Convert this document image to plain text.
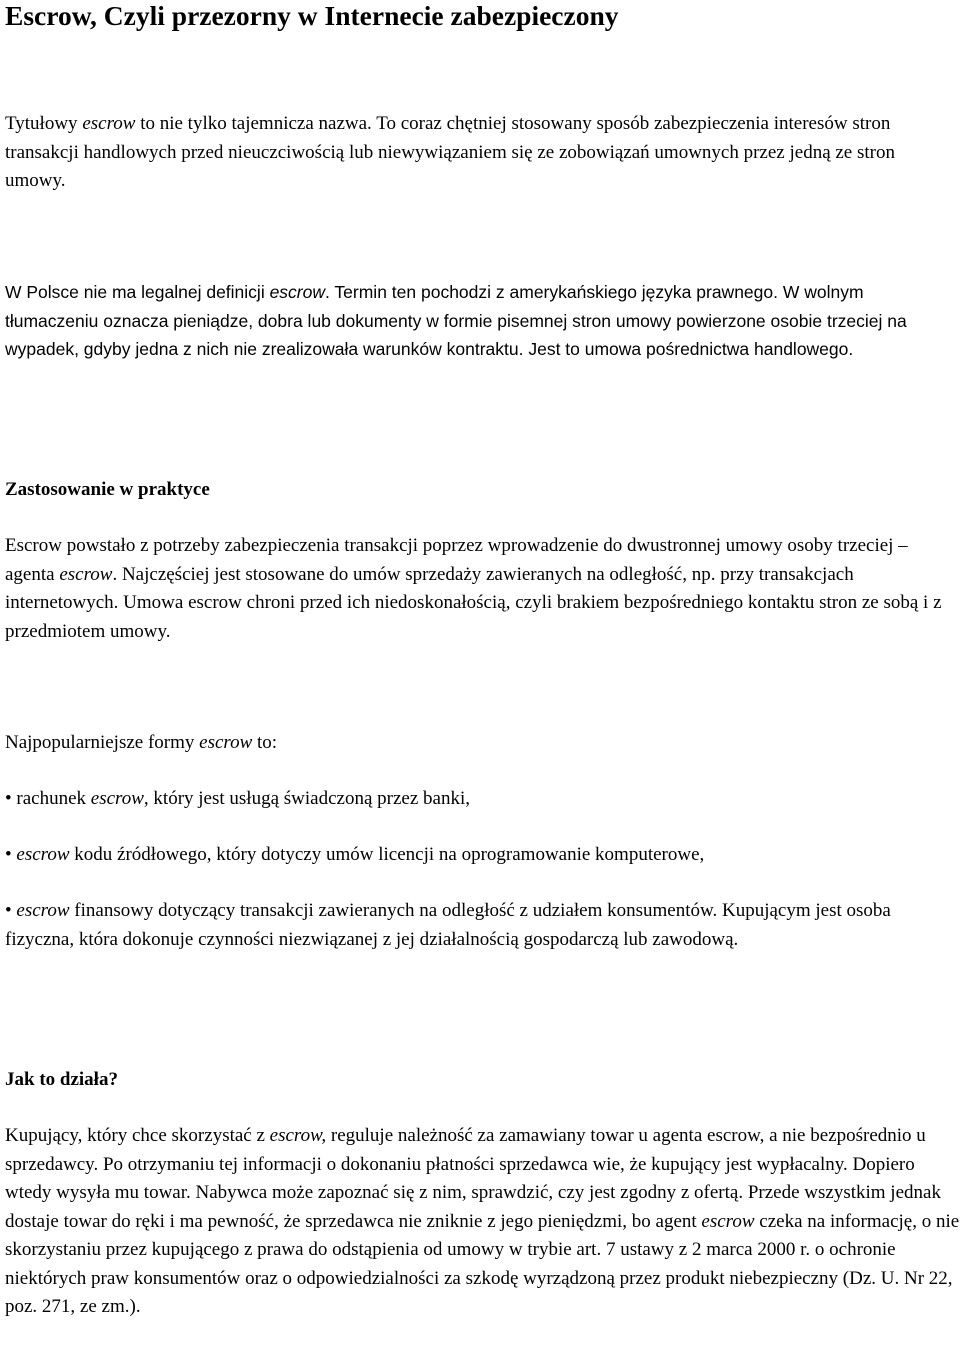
Escrow, Czyli przezorny w Internecie zabezpieczony

Tytułowy escrow to nie tylko tajemnicza nazwa. To coraz chętniej stosowany sposób zabezpieczenia interesów stron transakcji handlowych przed nieuczciwością lub niewywiązaniem się ze zobowiązań umownych przez jedną ze stron umowy.

W Polsce nie ma legalnej definicji escrow. Termin ten pochodzi z amerykańskiego języka prawnego. W wolnym tłumaczeniu oznacza pieniądze, dobra lub dokumenty w formie pisemnej stron umowy powierzone osobie trzeciej na wypadek, gdyby jedna z nich nie zrealizowała warunków kontraktu. Jest to umowa pośrednictwa handlowego.

Zastosowanie w praktyce

Escrow powstało z potrzeby zabezpieczenia transakcji poprzez wprowadzenie do dwustronnej umowy osoby trzeciej – agenta escrow. Najczęściej jest stosowane do umów sprzedaży zawieranych na odległość, np. przy transakcjach internetowych. Umowa escrow chroni przed ich niedoskonałością, czyli brakiem bezpośredniego kontaktu stron ze sobą i z przedmiotem umowy.

Najpopularniejsze formy escrow to:

• rachunek escrow, który jest usługą świadczoną przez banki,

• escrow kodu źródłowego, który dotyczy umów licencji na oprogramowanie komputerowe,

• escrow finansowy dotyczący transakcji zawieranych na odległość z udziałem konsumentów. Kupującym jest osoba fizyczna, która dokonuje czynności niezwiązanej z jej działalnością gospodarczą lub zawodową.

Jak to działa?

Kupujący, który chce skorzystać z escrow, reguluje należność za zamawiany towar u agenta escrow, a nie bezpośrednio u sprzedawcy. Po otrzymaniu tej informacji o dokonaniu płatności sprzedawca wie, że kupujący jest wypłacalny. Dopiero wtedy wysyła mu towar. Nabywca może zapoznać się z nim, sprawdzić, czy jest zgodny z ofertą. Przede wszystkim jednak dostaje towar do ręki i ma pewność, że sprzedawca nie zniknie z jego pieniędzmi, bo agent escrow czeka na informację, o nie skorzystaniu przez kupującego z prawa do odstąpienia od umowy w trybie art. 7 ustawy z 2 marca 2000 r. o ochronie niektórych praw konsumentów oraz o odpowiedzialności za szkodę wyrządzoną przez produkt niebezpieczny (Dz. U. Nr 22, poz. 271, ze zm.).
